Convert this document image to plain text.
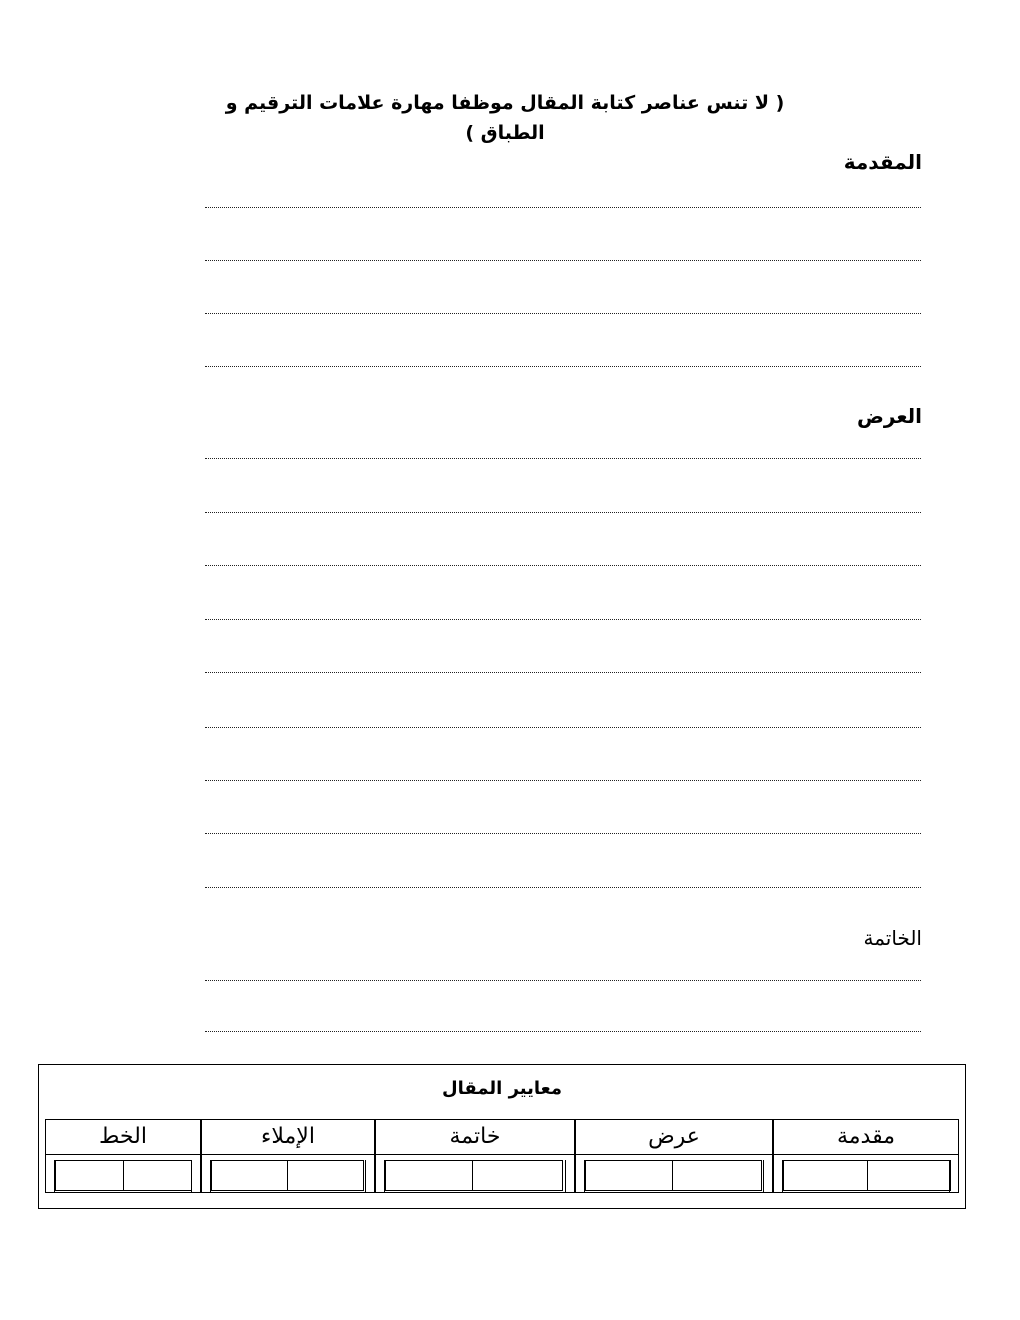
( لا تنس عناصر كتابة المقال موظفا مهارة علامات الترقيم و الطباق )
المقدمة
العرض
الخاتمة
معايير المقال
مقدمة
عرض
خاتمة
الإملاء
الخط
